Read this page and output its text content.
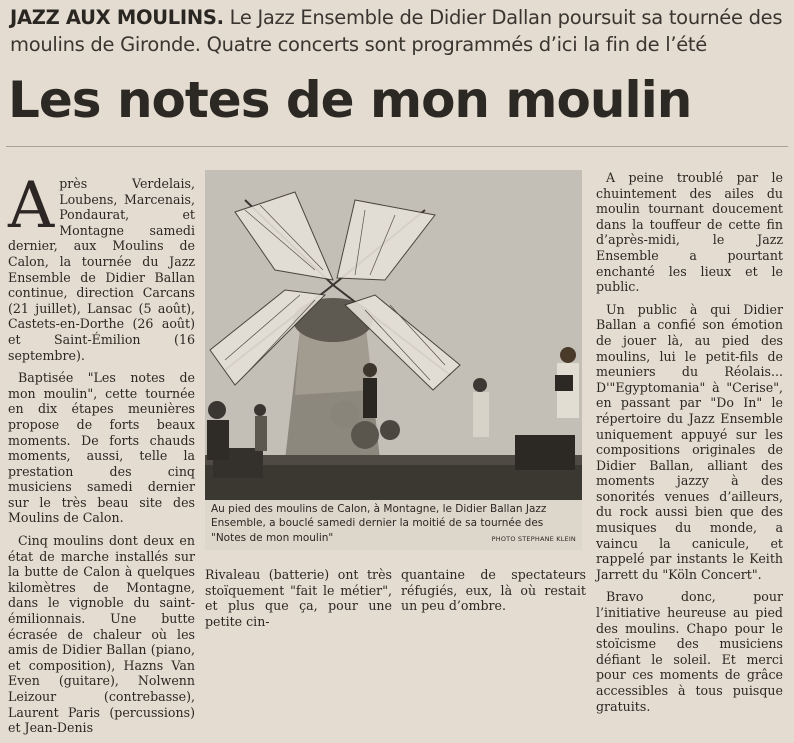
JAZZ AUX MOULINS. Le Jazz Ensemble de Didier Dallan poursuit sa tournée des moulins de Gironde. Quatre concerts sont programmés d’ici la fin de l’été
Les notes de mon moulin

Après Verdelais, Loubens, Marcenais, Pondaurat, et Montagne samedi dernier, aux Moulins de Calon, la tournée du Jazz Ensemble de Didier Ballan continue, direction Carcans (21 juillet), Lansac (5 août), Castets-en-Dorthe (26 août) et Saint-Émilion (16 septembre).

Baptisée "Les notes de mon moulin", cette tournée en dix étapes meunières propose de forts beaux moments. De forts chauds moments, aussi, telle la prestation des cinq musiciens samedi dernier sur le très beau site des Moulins de Calon.

Cinq moulins dont deux en état de marche installés sur la butte de Calon à quelques kilomètres de Montagne, dans le vignoble du saint-émilionnais. Une butte écrasée de chaleur où les amis de Didier Ballan (piano, et composition), Hazns Van Even (guitare), Nolwenn Leizour (contrebasse), Laurent Paris (percussions) et Jean-Denis

Au pied des moulins de Calon, à Montagne, le Didier Ballan Jazz Ensemble, a bouclé samedi dernier la moitié de sa tournée des "Notes de mon moulin"	PHOTO STEPHANE KLEIN

Rivaleau (batterie) ont très stoïquement "fait le métier", et plus que ça, pour une petite cin-

quantaine de spectateurs réfugiés, eux, là où restait un peu d’ombre.

A peine troublé par le chuintement des ailes du moulin tournant doucement dans la touffeur de cette fin d’après-midi, le Jazz Ensemble a pourtant enchanté les lieux et le public.

Un public à qui Didier Ballan a confié son émotion de jouer là, au pied des moulins, lui le petit-fils de meuniers du Réolais... D'"Egyptomania" à "Cerise", en passant par "Do In" le répertoire du Jazz Ensemble uniquement appuyé sur les compositions originales de Didier Ballan, alliant des moments jazzy à des sonorités venues d’ailleurs, du rock aussi bien que des musiques du monde, a vaincu la canicule, et rappelé par instants le Keith Jarrett du "Köln Concert".

Bravo donc, pour l’initiative heureuse au pied des moulins. Chapo pour le stoïcisme des musiciens défiant le soleil. Et merci pour ces moments de grâce accessibles à tous puisque gratuits.
